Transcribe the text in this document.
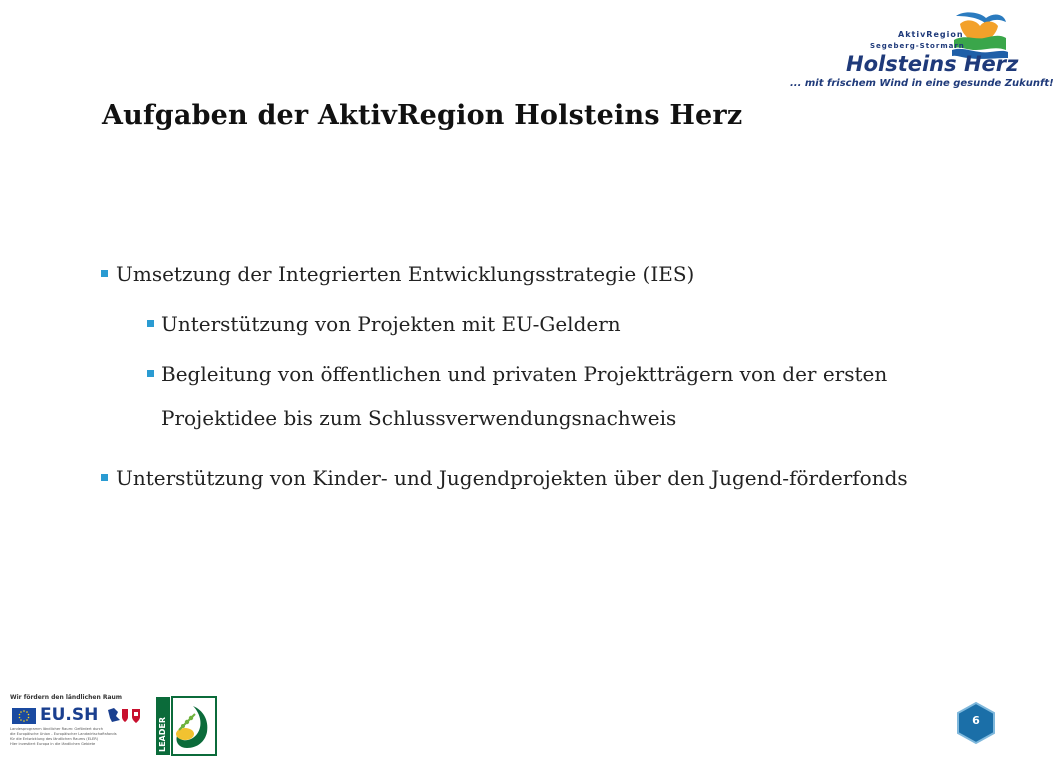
AktivRegion
Segeberg-Stormarn
Holsteins Herz
... mit frischem Wind in eine gesunde Zukunft!
Aufgaben der AktivRegion Holsteins Herz
Umsetzung der Integrierten Entwicklungsstrategie (IES)
Unterstützung von Projekten mit EU-Geldern
Begleitung von öffentlichen und privaten Projektträgern von der ersten Projektidee bis zum Schlussverwendungsnachweis
Unterstützung von Kinder- und Jugendprojekten über den Jugend-förderfonds
Wir fördern den ländlichen Raum
EU.SH
Landesprogramm ländlicher Raum: Gefördert durch
die Europäische Union - Europäischer Landwirtschaftsfonds
für die Entwicklung des ländlichen Raums (ELER)
Hier investiert Europa in die ländlichen Gebiete	LEADER	6
